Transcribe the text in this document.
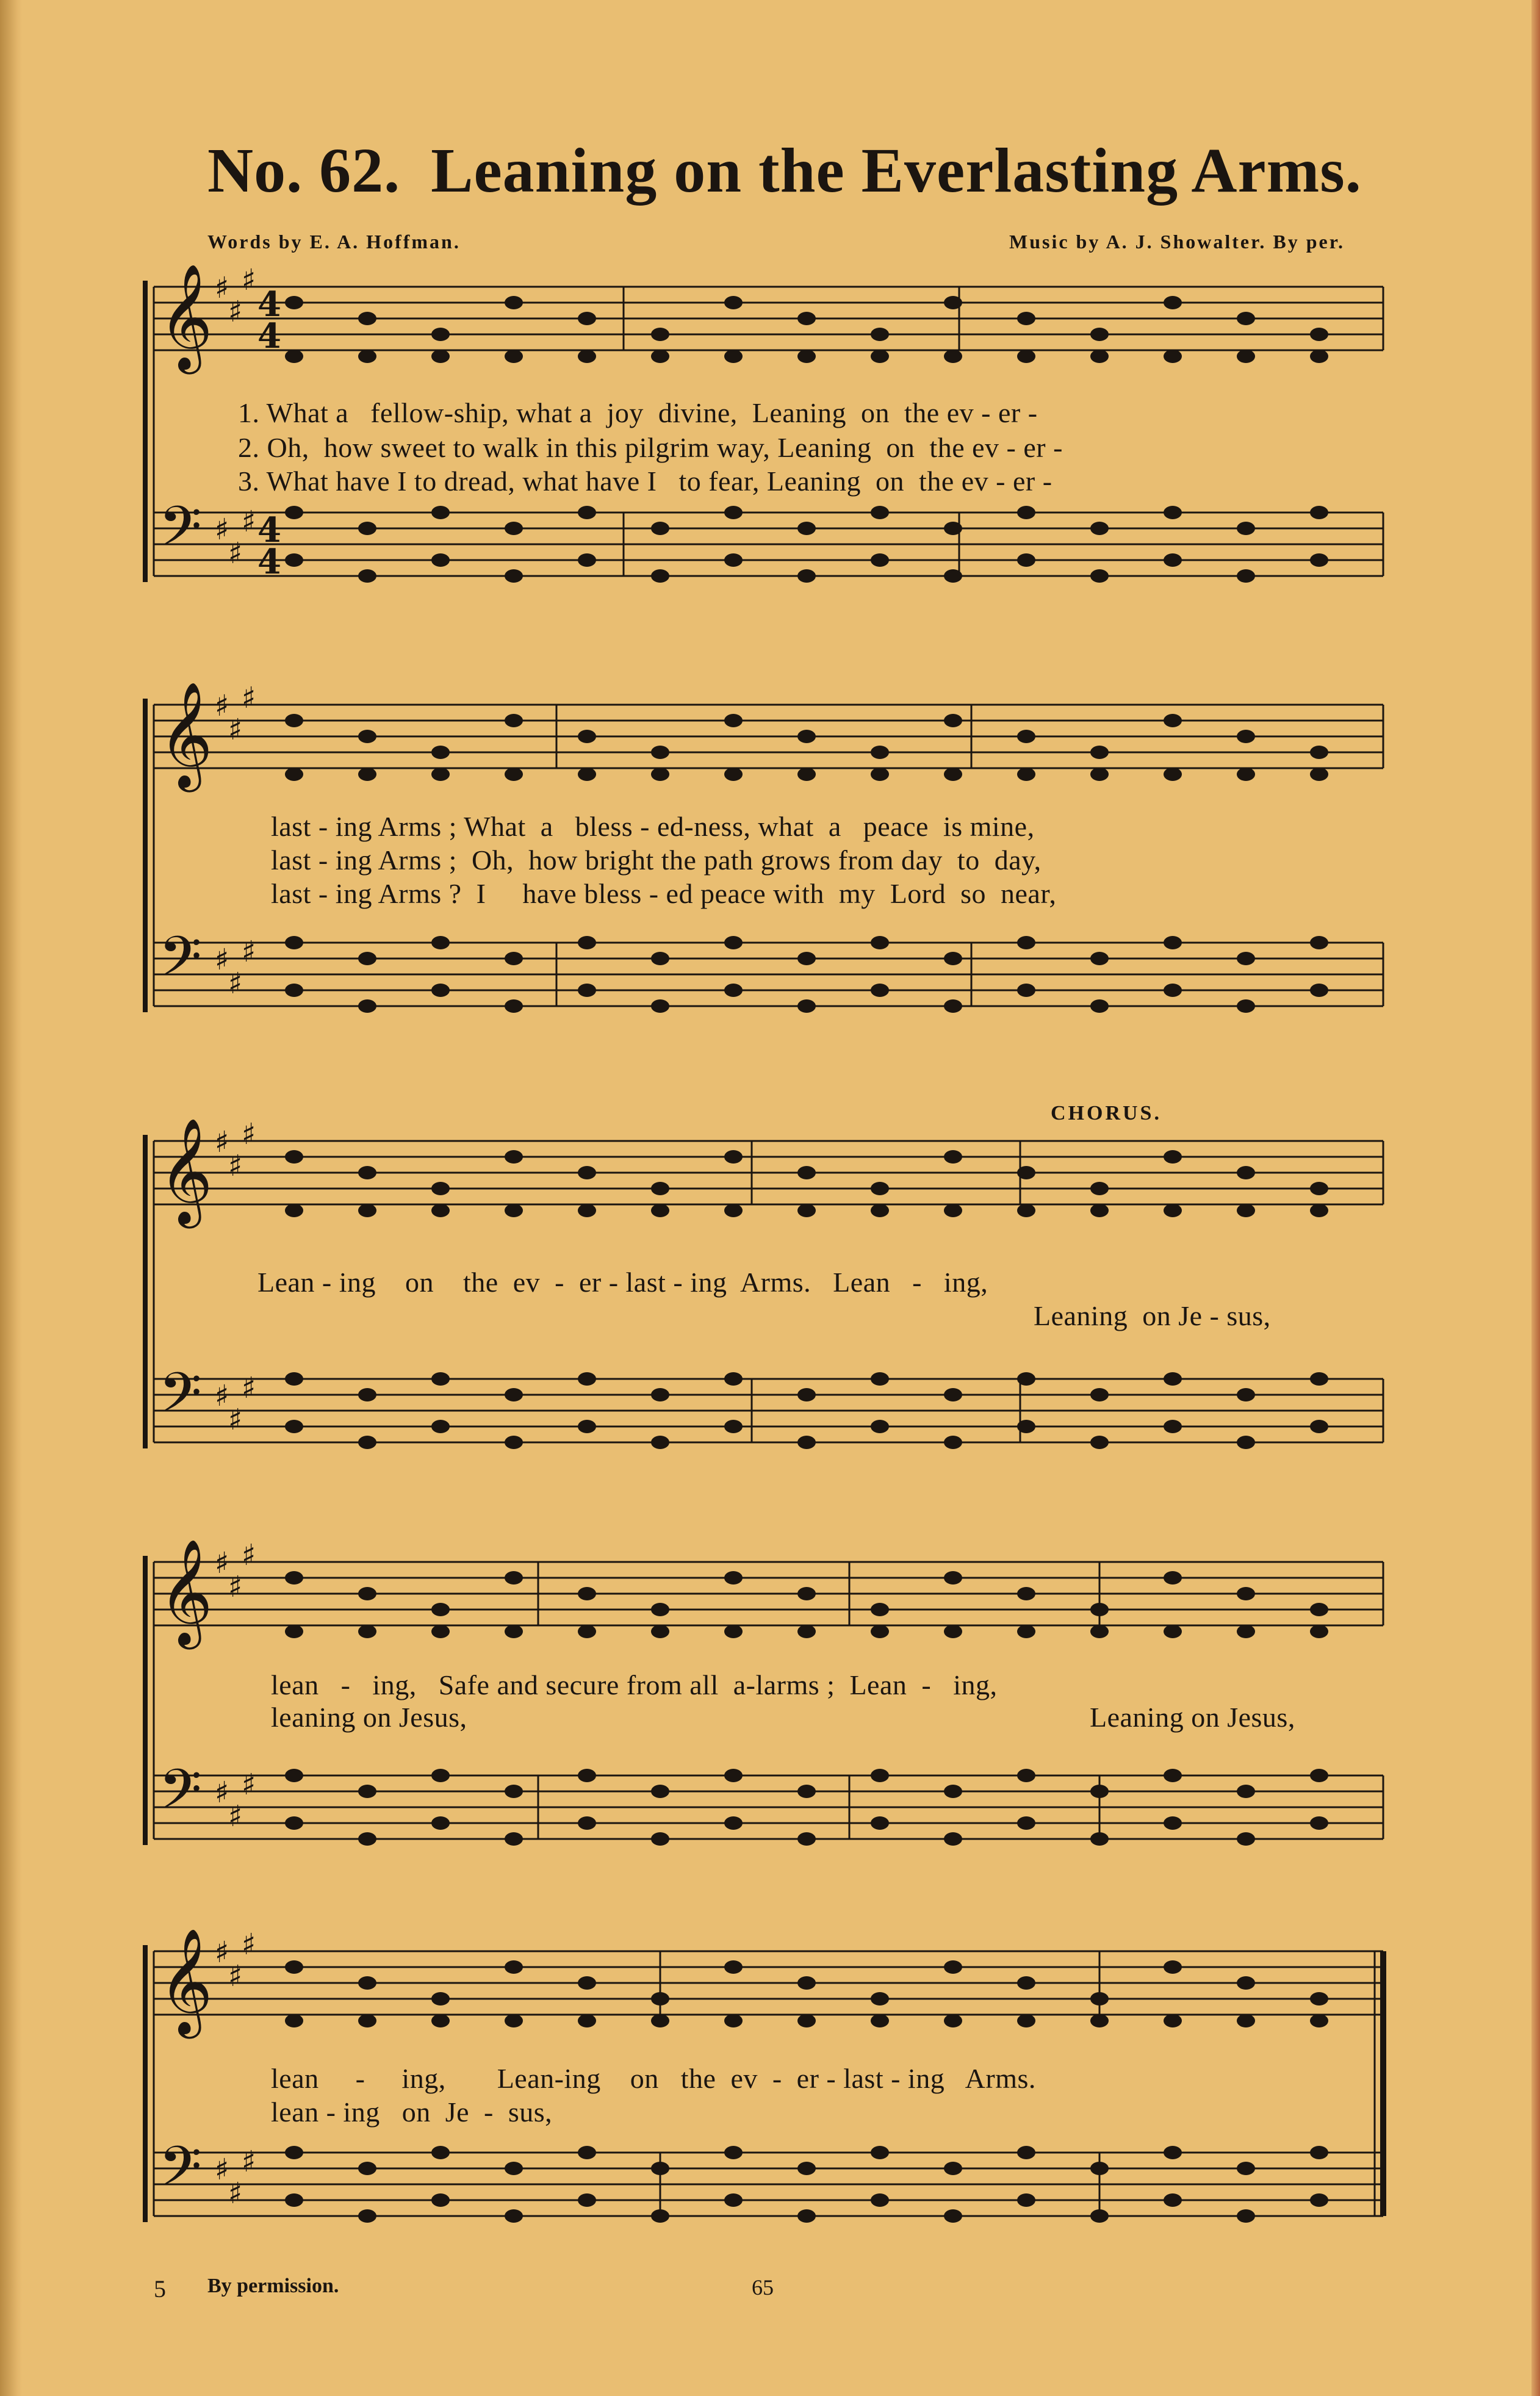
No. 62. Leaning on the Everlasting Arms.
Words by E. A. Hoffman.	Music by A. J. Showalter. By per.
𝄞 ♯
♯
♯
𝄢 ♯
♯
♯
4
4
4
4
1. What a   fellow-ship, what a  joy  divine,  Leaning  on  the ev - er -
2. Oh,  how sweet to walk in this pilgrim way, Leaning  on  the ev - er -
3. What have I to dread, what have I   to fear, Leaning  on  the ev - er -
𝄞 ♯
♯
♯
𝄢 ♯
♯
♯
last - ing Arms ; What  a   bless - ed-ness, what  a   peace  is mine,
last - ing Arms ;  Oh,  how bright the path grows from day  to  day,
last - ing Arms ?  I     have bless - ed peace with  my  Lord  so  near,
CHORUS.
𝄞 ♯
♯
♯
𝄢 ♯
♯
♯
Lean - ing    on    the  ev  -  er - last - ing  Arms.   Lean   -   ing,
Leaning  on Je - sus,
𝄞 ♯
♯
♯
𝄢 ♯
♯
♯
lean   -   ing,   Safe and secure from all  a-larms ;  Lean  -   ing,
leaning on Jesus,	Leaning on Jesus,
𝄞 ♯
♯
♯
𝄢 ♯
♯
♯
lean     -     ing,       Lean-ing    on   the  ev  -  er - last - ing   Arms.
lean - ing   on  Je  -  sus,
5 By permission.	65
